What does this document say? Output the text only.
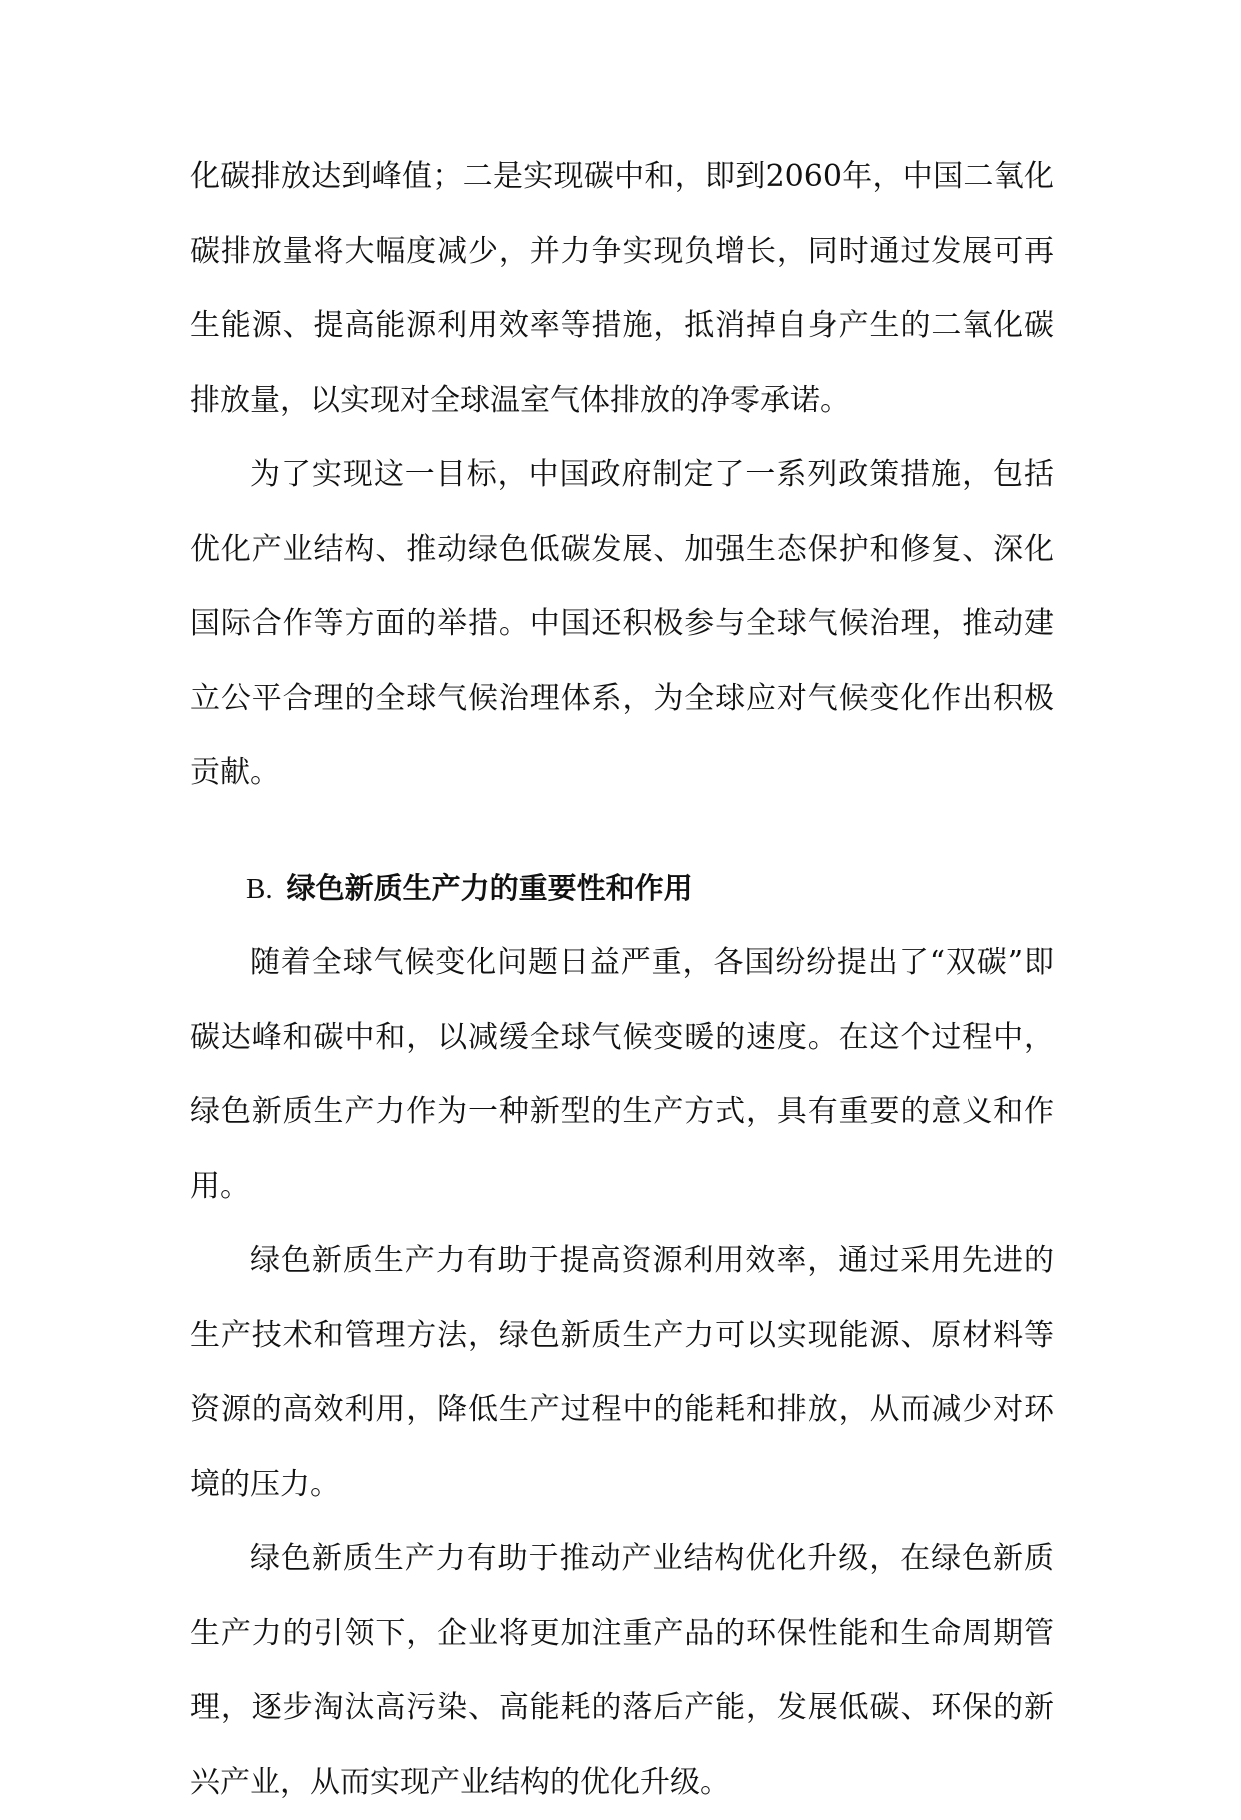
化碳排放达到峰值；二是实现碳中和，即到2060年，中国二氧化碳排放量将大幅度减少，并力争实现负增长，同时通过发展可再生能源、提高能源利用效率等措施，抵消掉自身产生的二氧化碳排放量，以实现对全球温室气体排放的净零承诺。

为了实现这一目标，中国政府制定了一系列政策措施，包括优化产业结构、推动绿色低碳发展、加强生态保护和修复、深化国际合作等方面的举措。中国还积极参与全球气候治理，推动建立公平合理的全球气候治理体系，为全球应对气候变化作出积极贡献。

B. 绿色新质生产力的重要性和作用

随着全球气候变化问题日益严重，各国纷纷提出了“双碳”即碳达峰和碳中和，以减缓全球气候变暖的速度。在这个过程中，绿色新质生产力作为一种新型的生产方式，具有重要的意义和作用。

绿色新质生产力有助于提高资源利用效率，通过采用先进的生产技术和管理方法，绿色新质生产力可以实现能源、原材料等资源的高效利用，降低生产过程中的能耗和排放，从而减少对环境的压力。

绿色新质生产力有助于推动产业结构优化升级，在绿色新质生产力的引领下，企业将更加注重产品的环保性能和生命周期管理，逐步淘汰高污染、高能耗的落后产能，发展低碳、环保的新兴产业，从而实现产业结构的优化升级。
